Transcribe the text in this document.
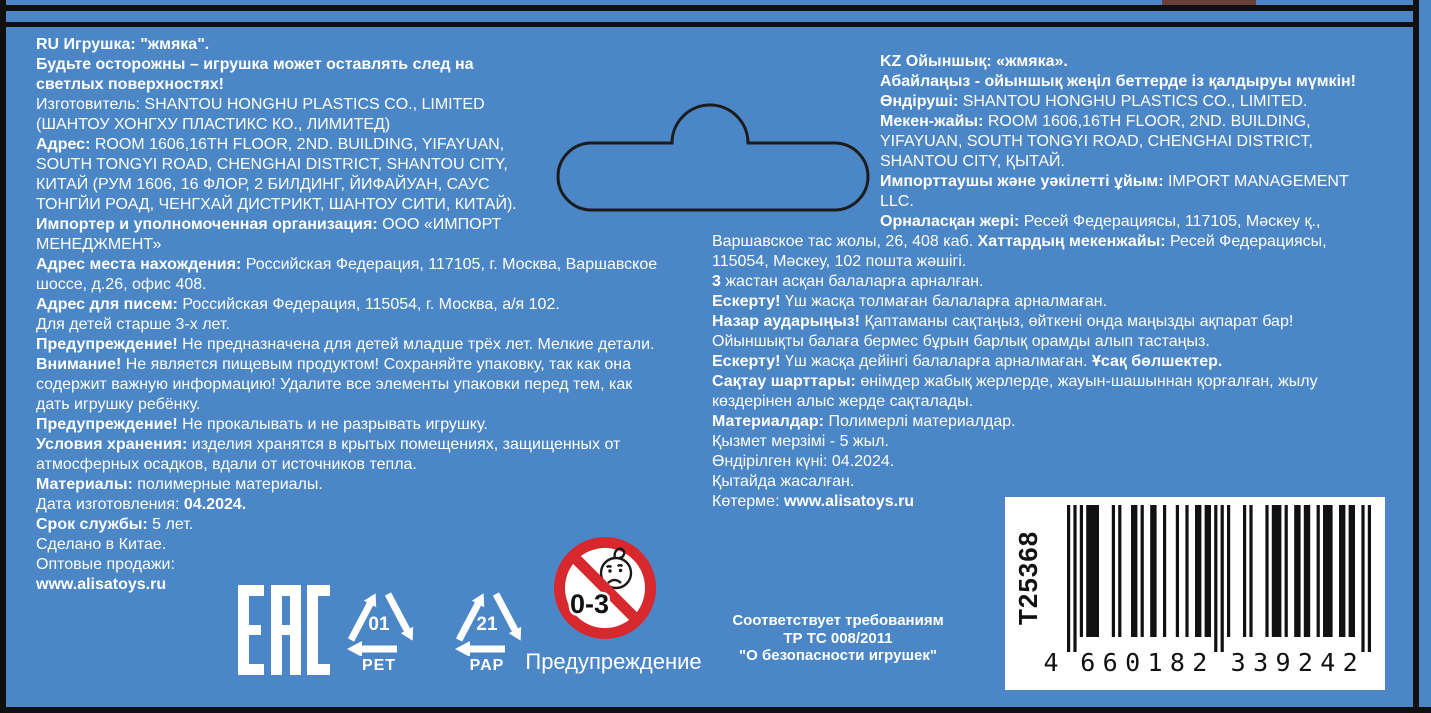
RU Игрушка: "жмяка".
Будьте осторожны – игрушка может оставлять след на
светлых поверхностях!
Изготовитель: SHANTOU HONGHU PLASTICS CO., LIMITED
(ШАНТОУ ХОНГХУ ПЛАСТИКС КО., ЛИМИТЕД)
Адрес: ROOM 1606,16TH FLOOR, 2ND. BUILDING, YIFAYUAN,
SOUTH TONGYI ROAD, CHENGHAI DISTRICT, SHANTOU CITY,
КИТАЙ (РУМ 1606, 16 ФЛОР, 2 БИЛДИНГ, ЙИФАЙУАН, САУС
ТОНГЙИ РОАД, ЧЕНГХАЙ ДИСТРИКТ, ШАНТОУ СИТИ, КИТАЙ).
Импортер и уполномоченная организация: ООО «ИМПОРТ
МЕНЕДЖМЕНТ»
Адрес места нахождения: Российская Федерация, 117105, г. Москва, Варшавское
шоссе, д.26, офис 408.
Адрес для писем: Российская Федерация, 115054, г. Москва, а/я 102.
Для детей старше 3-х лет.
Предупреждение! Не предназначена для детей младше трёх лет. Мелкие детали.
Внимание! Не является пищевым продуктом! Сохраняйте упаковку, так как она
содержит важную информацию! Удалите все элементы упаковки перед тем, как
дать игрушку ребёнку.
Предупреждение! Не прокалывать и не разрывать игрушку.
Условия хранения: изделия хранятся в крытых помещениях, защищенных от
атмосферных осадков, вдали от источников тепла.
Материалы: полимерные материалы.
Дата изготовления: 04.2024.
Срок службы: 5 лет.
Сделано в Китае.
Оптовые продажи:
www.alisatoys.ru
KZ Ойыншық: «жмяка».
Абайлаңыз - ойыншық жеңіл беттерде із қалдыруы мүмкін!
Өндіруші: SHANTOU HONGHU PLASTICS CO., LIMITED.
Мекен-жайы: ROOM 1606,16TH FLOOR, 2ND. BUILDING,
YIFAYUAN, SOUTH TONGYI ROAD, CHENGHAI DISTRICT,
SHANTOU CITY, ҚЫТАЙ.
Импорттаушы және уәкілетті ұйым: IMPORT MANAGEMENT
LLC.
Орналасқан жері: Ресей Федерациясы, 117105, Мәскеу қ.,
Варшавское тас жолы, 26, 408 каб. Хаттардың мекенжайы: Ресей Федерациясы,
115054, Мәскеу, 102 пошта жәшігі.
3 жастан асқан балаларға арналған.
Ескерту! Үш жасқа толмаған балаларға арналмаған.
Назар аударыңыз! Қаптаманы сақтаңыз, өйткені онда маңызды ақпарат бар!
Ойыншықты балаға бермес бұрын барлық орамды алып тастаңыз.
Ескерту! Үш жасқа дейінгі балаларға арналмаған. Ұсақ бөлшектер.
Сақтау шарттары: өнімдер жабық жерлерде, жауын-шашыннан қорғалған, жылу
көздерінен алыс жерде сақталады.
Материалдар: Полимерлі материалдар.
Қызмет мерзімі - 5 жыл.
Өндірілген күні: 04.2024.
Қытайда жасалған.
Көтерме: www.alisatoys.ru
01
PET
21
PAP
0-3
Предупреждение
Соответствует требованиям
ТР ТС 008/2011
"О безопасности игрушек"
T25368
4 6 6 0 1 8 2 3 3 9 2 4 2
